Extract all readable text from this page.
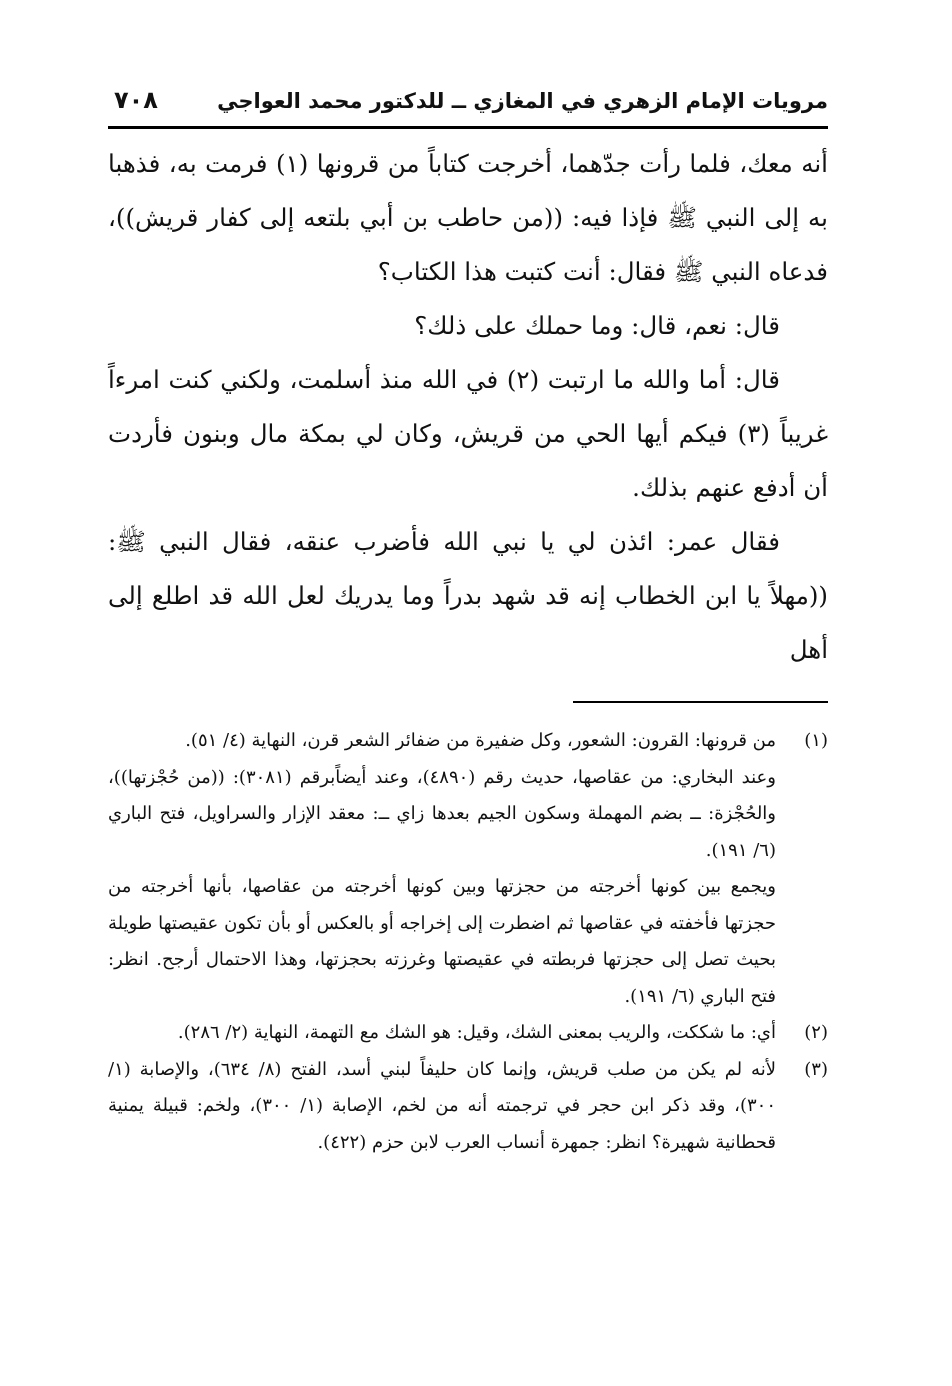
مرويات الإمام الزهري في المغازي ــ للدكتور محمد العواجي
٧٠٨

أنه معك، فلما رأت جدّهما، أخرجت كتاباً من قرونها (١) فرمت به، فذهبا به إلى النبي ﷺ فإذا فيه: ((من حاطب بن أبي بلتعه إلى كفار قريش))، فدعاه النبي ﷺ فقال: أنت كتبت هذا الكتاب؟

قال: نعم، قال: وما حملك على ذلك؟

قال: أما والله ما ارتبت (٢) في الله منذ أسلمت، ولكني كنت امرءاً غريباً (٣) فيكم أيها الحي من قريش، وكان لي بمكة مال وبنون فأردت أن أدفع عنهم بذلك.

فقال عمر: ائذن لي يا نبي الله فأضرب عنقه، فقال النبي ﷺ: ((مهلاً يا ابن الخطاب إنه قد شهد بدراً وما يدريك لعل الله قد اطلع إلى أهل

(١)

من قرونها: القرون: الشعور، وكل ضفيرة من ضفائر الشعر قرن، النهاية (٤/ ٥١).

وعند البخاري: من عقاصها، حديث رقم (٤٨٩٠)، وعند أيضاًبرقم (٣٠٨١): ((من حُجْزتها))، والحُجْزة: ــ بضم المهملة وسكون الجيم بعدها زاي ــ: معقد الإزار والسراويل، فتح الباري (٦/ ١٩١).

ويجمع بين كونها أخرجته من حجزتها وبين كونها أخرجته من عقاصها، بأنها أخرجته من حجزتها فأخفته في عقاصها ثم اضطرت إلى إخراجه أو بالعكس أو بأن تكون عقيصتها طويلة بحيث تصل إلى حجزتها فربطته في عقيصتها وغرزته بحجزتها، وهذا الاحتمال أرجح. انظر: فتح الباري (٦/ ١٩١).
(٢)

أي: ما شككت، والريب بمعنى الشك، وقيل: هو الشك مع التهمة، النهاية (٢/ ٢٨٦).

(٣)

لأنه لم يكن من صلب قريش، وإنما كان حليفاً لبني أسد، الفتح (٨/ ٦٣٤)، والإصابة (١/ ٣٠٠)، وقد ذكر ابن حجر في ترجمته أنه من لخم، الإصابة (١/ ٣٠٠)، ولخم: قبيلة يمنية قحطانية شهيرة؟ انظر: جمهرة أنساب العرب لابن حزم (٤٢٢).
